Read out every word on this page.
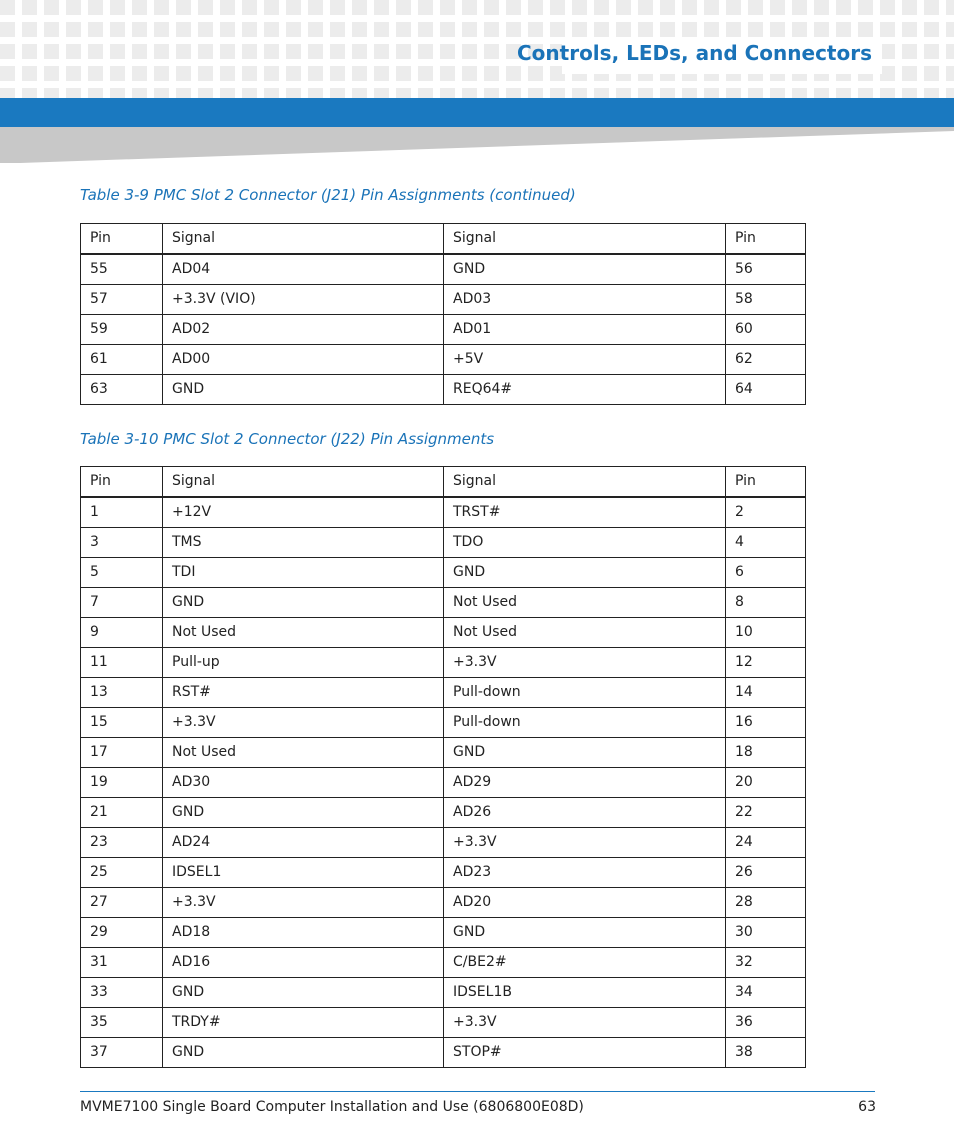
Controls, LEDs, and Connectors
Table 3-9 PMC Slot 2 Connector (J21) Pin Assignments (continued)
Pin	Signal	Signal	Pin
55	AD04	GND	56
57	+3.3V (VIO)	AD03	58
59	AD02	AD01	60
61	AD00	+5V	62
63	GND	REQ64#	64
Table 3-10 PMC Slot 2 Connector (J22) Pin Assignments
Pin	Signal	Signal	Pin
1	+12V	TRST#	2
3	TMS	TDO	4
5	TDI	GND	6
7	GND	Not Used	8
9	Not Used	Not Used	10
11	Pull-up	+3.3V	12
13	RST#	Pull-down	14
15	+3.3V	Pull-down	16
17	Not Used	GND	18
19	AD30	AD29	20
21	GND	AD26	22
23	AD24	+3.3V	24
25	IDSEL1	AD23	26
27	+3.3V	AD20	28
29	AD18	GND	30
31	AD16	C/BE2#	32
33	GND	IDSEL1B	34
35	TRDY#	+3.3V	36
37	GND	STOP#	38
MVME7100 Single Board Computer Installation and Use (6806800E08D)	63
